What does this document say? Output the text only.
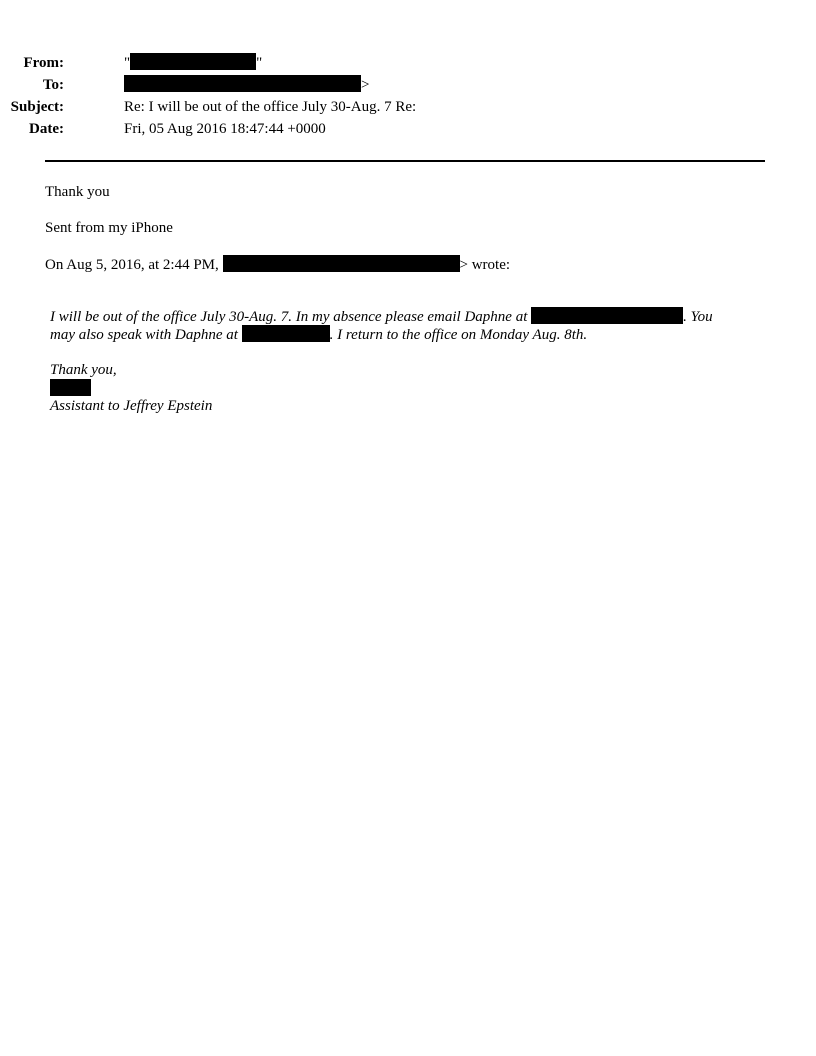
From:	"	"
To:	>
Subject:	Re: I will be out of the office July 30-Aug. 7 Re:
Date:	Fri, 05 Aug 2016 18:47:44 +0000
Thank you
Sent from my iPhone
On Aug 5, 2016, at 2:44 PM,	> wrote:
I will be out of the office July 30-Aug. 7. In my absence please email Daphne at	. You
may also speak with Daphne at	. I return to the office on Monday Aug. 8th.
Thank you,
Assistant to Jeffrey Epstein
